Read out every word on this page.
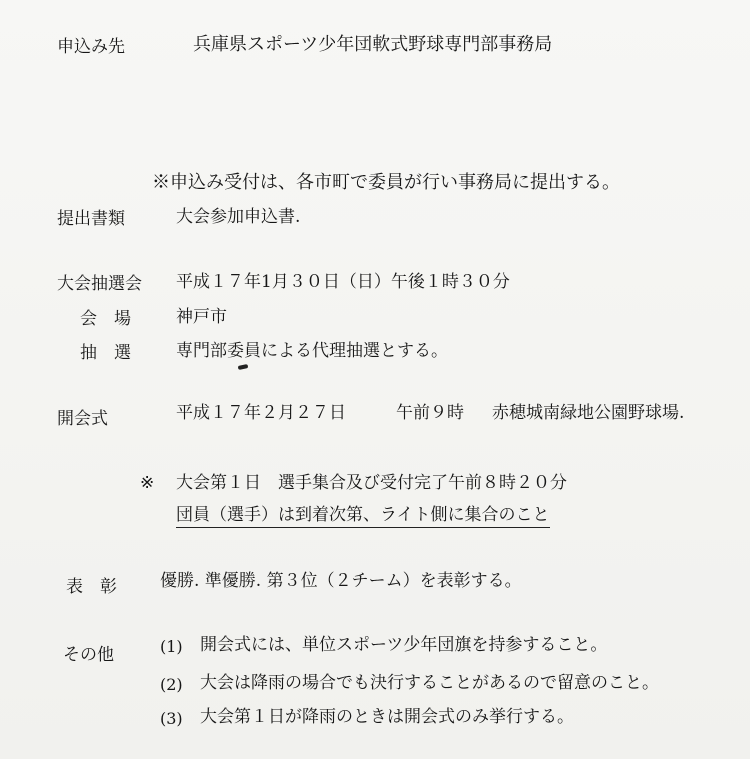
申込み先	兵庫県スポーツ少年団軟式野球専門部事務局
※申込み受付は、各市町で委員が行い事務局に提出する。
提出書類	大会参加申込書.
大会抽選会 平成１７年1月３０日（日）午後１時３０分
会　場	神戸市
抽　選	専門部委員による代理抽選とする。
開会式	平成１７年２月２７日	午前９時 赤穂城南緑地公園野球場.
※ 大会第１日　選手集合及び受付完了午前８時２０分
団員（選手）は到着次第、ライト側に集合のこと
表　彰	優勝. 準優勝. 第３位（２チーム）を表彰する。
その他	(1) 開会式には、単位スポーツ少年団旗を持参すること。
(2) 大会は降雨の場合でも決行することがあるので留意のこと。
(3) 大会第１日が降雨のときは開会式のみ挙行する。
